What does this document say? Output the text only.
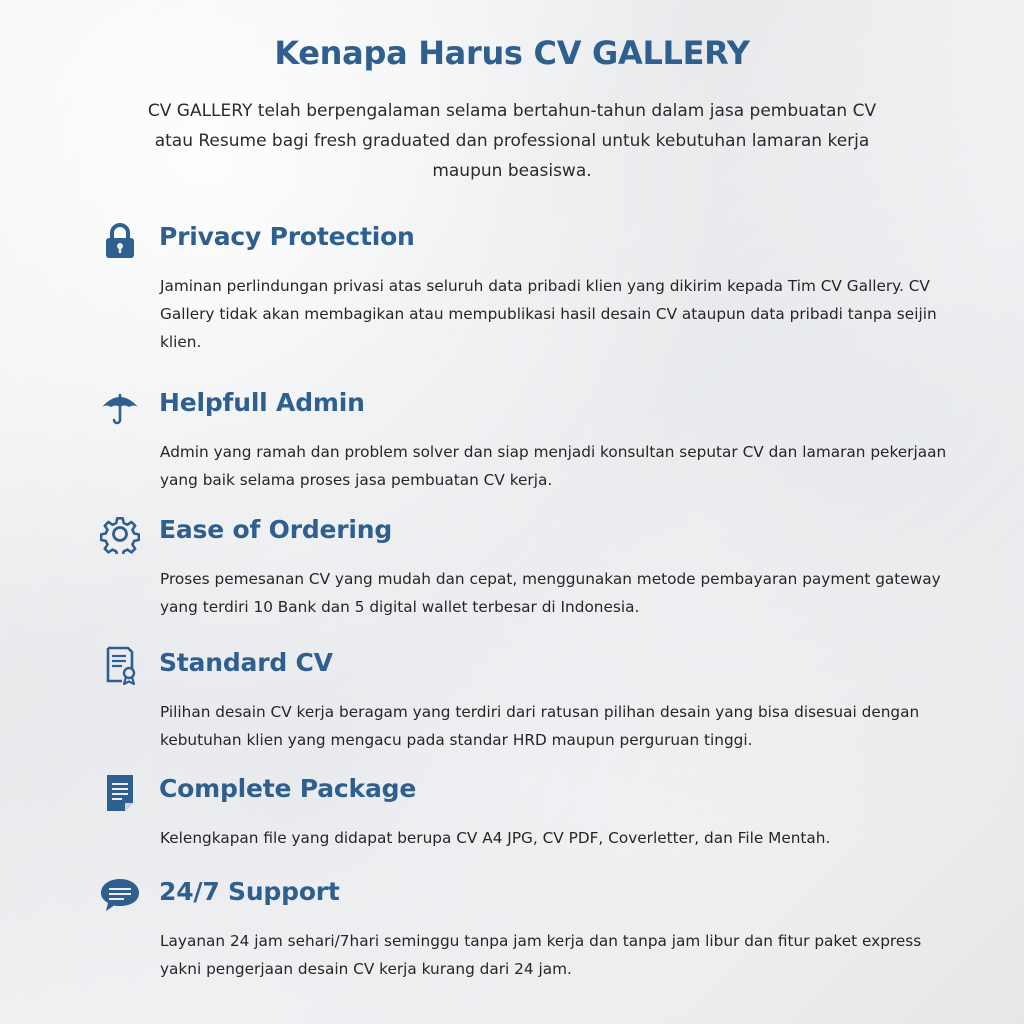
Kenapa Harus CV GALLERY
CV GALLERY telah berpengalaman selama bertahun-tahun dalam jasa pembuatan CV atau Resume bagi fresh graduated dan professional untuk kebutuhan lamaran kerja maupun beasiswa.
Privacy Protection
Jaminan perlindungan privasi atas seluruh data pribadi klien yang dikirim kepada Tim CV Gallery. CV Gallery tidak akan membagikan atau mempublikasi hasil desain CV ataupun data pribadi tanpa seijin klien.
Helpfull Admin
Admin yang ramah dan problem solver dan siap menjadi konsultan seputar CV dan lamaran pekerjaan yang baik selama proses jasa pembuatan CV kerja.
Ease of Ordering
Proses pemesanan CV yang mudah dan cepat, menggunakan metode pembayaran payment gateway yang terdiri 10 Bank dan 5 digital wallet terbesar di Indonesia.
Standard CV
Pilihan desain CV kerja beragam yang terdiri dari ratusan pilihan desain yang bisa disesuai dengan kebutuhan klien yang mengacu pada standar HRD maupun perguruan tinggi.
Complete Package
Kelengkapan file yang didapat berupa CV A4 JPG, CV PDF, Coverletter, dan File Mentah.
24/7 Support
Layanan 24 jam sehari/7hari seminggu tanpa jam kerja dan tanpa jam libur dan fitur paket express yakni pengerjaan desain CV kerja kurang dari 24 jam.
